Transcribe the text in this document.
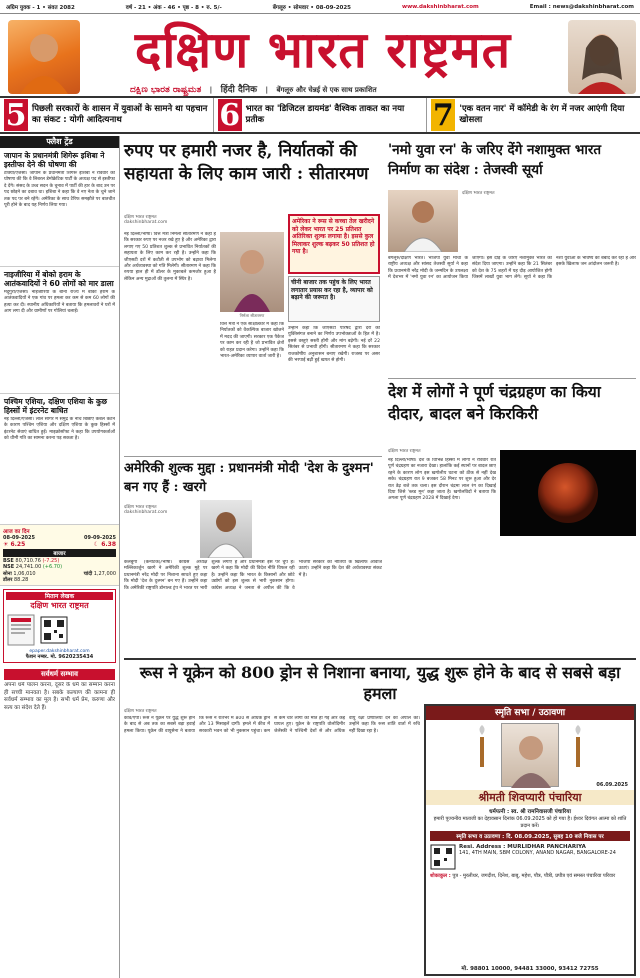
अग्रिम युवक - 1 • संवत 2082	वर्ष - 21 • अंक - 46 • पृष्ठ - 8 • रु. 5/-	बेंगलूरु • सोमवार • 08-09-2025	www.dakshinbharat.com	Email : news@dakshinbharat.com
दक्षिण भारत राष्ट्रमत
ದಕ್ಷಿಣ ಭಾರತ ರಾಷ್ಟ್ರಮತ | हिंदी दैनिक | बेंगलूरु और चेन्नई से एक साथ प्रकाशित
5 पिछली सरकारों के शासन में युवाओं के सामने था पहचान का संकट : योगी आदित्यनाथ	6 भारत का 'डिजिटल डायमंड' वैश्विक ताकत का नया प्रतीक	7 'एक वतन नार' में कॉमेडी के रंग में नजर आएंगी दिया खोसला
फ्लैश ट्रेंड
जापान के प्रधानमंत्री शिगेरू इशिबा ने इस्तीफा देने की घोषणा की
टोक्यो/एजेंसी। जापान के प्रधानमंत्री शिगेरू इशिबा ने रविवार को घोषणा की कि वे लिबरल डेमोक्रेटिक पार्टी के अध्यक्ष पद से इस्तीफा दे देंगे। संसद के उच्च सदन के चुनाव में पार्टी की हार के बाद उन पर पद छोड़ने का दबाव था। इशिबा ने कहा कि वे नए नेता के चुने जाने तक पद पर बने रहेंगे। अमेरिका के साथ टैरिफ समझौते पर बातचीत पूरी होने के बाद यह निर्णय लिया गया।
नाइजीरिया में बोको हराम के आतंकवादियों ने 60 लोगों को मार डाला
मैदुगुरी/एजेंसी। नाइजीरिया के बोर्नो राज्य में बोको हराम के आतंकवादियों ने एक गांव पर हमला कर कम से कम 60 लोगों की हत्या कर दी। स्थानीय अधिकारियों ने बताया कि हमलावरों ने घरों में आग लगा दी और ग्रामीणों पर गोलियां चलाईं।
पश्चिम एशिया, दक्षिण एशिया के कुछ हिस्सों में इंटरनेट बाधित
नई दिल्ली/एजेंसी। लाल सागर में समुद्र के नीचे बिछाए केबल कटने के कारण पश्चिम एशिया और दक्षिण एशिया के कुछ हिस्सों में इंटरनेट सेवाएं बाधित हुईं। माइक्रोसॉफ्ट ने कहा कि उपयोगकर्ताओं को धीमी गति का सामना करना पड़ सकता है।
आज का दिन
08-09-2025	09-09-2025
☀ 6.25	☾ 6.38
बाजार
BSE 80,710.76 (-7.25)
NSE 24,741.00 (+6.70)
सोना 1,06,010	चांदी 1,27,000
डॉलर 88.28
मितान लेखक
दक्षिण भारत राष्ट्रमत
epaper.dakshinbharat.com
फैशन नम्बर. मो. 9620235434
सर्वधर्म सम्भाव
अपना धर्म पालन करना, दूसरे के धर्म का सम्मान करना ही सच्ची मानवता है। सबके कल्याण की कामना ही सर्वधर्म सम्भाव का मूल है। सभी धर्म प्रेम, करुणा और सत्य का संदेश देते हैं।
रुपए पर हमारी नजर है, निर्यातकों की सहायता के लिए काम जारी : सीतारमण
दक्षिण भारत राष्ट्रमत
dakshinbharat.com
नई दिल्ली/भाषा। वित्त मंत्री निर्मला सीतारमण ने कहा है कि सरकार रुपए पर नजर रखे हुए है और अमेरिका द्वारा लगाए गए 50 प्रतिशत शुल्क से प्रभावित निर्यातकों की सहायता के लिए काम कर रही है। उन्होंने कहा कि जीएसटी दरों में कटौती से उपभोग को बढ़ावा मिलेगा और अर्थव्यवस्था को गति मिलेगी। सीतारमण ने कहा कि रुपया हाल ही में डॉलर के मुकाबले कमजोर हुआ है लेकिन अन्य मुद्राओं की तुलना में स्थिर है।
निर्मला सीतारमण
वित्त मंत्री ने एक साक्षात्कार में कहा कि निर्यातकों को वैकल्पिक बाजार खोजने में मदद की जाएगी। सरकार एक पैकेज पर काम कर रही है जो प्रभावित क्षेत्रों को राहत प्रदान करेगा। उन्होंने कहा कि भारत-अमेरिका व्यापार वार्ता जारी है।
अमेरिका ने रूस से कच्चा तेल खरीदने को लेकर भारत पर 25 प्रतिशत अतिरिक्त शुल्क लगाया है। इससे कुल मिलाकर शुल्क बढ़कर 50 प्रतिशत हो गया है।
चीनी बाजार तक पहुंच के लिए भारत लगातार प्रयास कर रहा है, व्यापार को बढ़ाने की जरूरत है।
उन्होंने कहा कि जीएसटी परिषद द्वारा दरों को युक्तिसंगत बनाने का निर्णय उपभोक्ताओं के हित में है। इससे वस्तुएं सस्ती होंगी और मांग बढ़ेगी। नई दरें 22 सितंबर से प्रभावी होंगी। सीतारमण ने कहा कि सरकार राजकोषीय अनुशासन बनाए रखेगी। राजस्व पर असर की भरपाई बढ़ी हुई खपत से होगी।
अमेरिकी शुल्क मुद्दा : प्रधानमंत्री मोदी 'देश के दुश्मन' बन गए हैं : खरगे
दक्षिण भारत राष्ट्रमत
dakshinbharat.com
कलबुर्गी (कर्नाटक)/भाषा। कांग्रेस अध्यक्ष मल्लिकार्जुन खरगे ने अमेरिकी शुल्क मुद्दे पर प्रधानमंत्री नरेंद्र मोदी पर निशाना साधते हुए कहा कि मोदी 'देश के दुश्मन' बन गए हैं। उन्होंने कहा कि अमेरिकी राष्ट्रपति डोनाल्ड ट्रंप ने भारत पर भारी शुल्क लगाए हैं और प्रधानमंत्री इस पर चुप हैं। खरगे ने कहा कि मोदी की विदेश नीति विफल रही है। उन्होंने कहा कि भारत के किसानों और छोटे उद्योगों को इस शुल्क से भारी नुकसान होगा। कांग्रेस अध्यक्ष ने जनता से अपील की कि वे भाजपा सरकार की नीतियों के खिलाफ आवाज उठाएं। उन्होंने कहा कि देश की अर्थव्यवस्था संकट में है।
'नमो युवा रन' के जरिए देंगे नशामुक्त भारत निर्माण का संदेश : तेजस्वी सूर्या
दक्षिण भारत राष्ट्रमत
बेंगलूरु/दक्षिण भारत। भाजपा युवा मोर्चा के राष्ट्रीय अध्यक्ष और सांसद तेजस्वी सूर्या ने कहा कि प्रधानमंत्री नरेंद्र मोदी के जन्मदिन के उपलक्ष्य में देशभर में 'नमो युवा रन' का आयोजन किया जाएगा। इस दौड़ के जरिए नशामुक्त भारत का संदेश दिया जाएगा। उन्होंने कहा कि 21 सितंबर को देश के 75 शहरों में यह दौड़ आयोजित होगी जिसमें लाखों युवा भाग लेंगे। सूर्या ने कहा कि नशा युवाओं के भविष्य को बर्बाद कर रहा है और इसके खिलाफ जन आंदोलन जरूरी है।
देश में लोगों ने पूर्ण चंद्रग्रहण का किया दीदार, बादल बने किरकिरी
दक्षिण भारत राष्ट्रमत
नई दिल्ली/भाषा। देश के विभिन्न हिस्सों में लोगों ने रविवार रात पूर्ण चंद्रग्रहण का नजारा देखा। हालांकि कई स्थानों पर बादल छाए रहने के कारण लोग इस खगोलीय घटना को ठीक से नहीं देख सके। चंद्रग्रहण रात 9 बजकर 58 मिनट पर शुरू हुआ और देर रात डेढ़ बजे तक चला। इस दौरान चंद्रमा लाल रंग का दिखाई दिया जिसे 'ब्लड मून' कहा जाता है। खगोलविदों ने बताया कि अगला पूर्ण चंद्रग्रहण 2028 में दिखाई देगा।
रूस ने यूक्रेन को 800 ड्रोन से निशाना बनाया, युद्ध शुरू होने के बाद से सबसे बड़ा हमला
दक्षिण भारत राष्ट्रमत
कीव/एपी। रूस ने यूक्रेन पर युद्ध शुरू होने के बाद से अब तक का सबसे बड़ा हवाई हमला किया। यूक्रेन की वायुसेना ने बताया कि रूस ने रातभर में 800 से अधिक ड्रोन और 13 मिसाइलें दागीं। हमले में कीव में सरकारी भवन को भी नुकसान पहुंचा। कम से कम चार लोगों की मौत हो गई और कई घायल हुए। यूक्रेन के राष्ट्रपति वोलोदिमीर जेलेंस्की ने पश्चिमी देशों से और अधिक वायु रक्षा प्रणालियां देने की अपील की। उन्होंने कहा कि रूस शांति वार्ता में रुचि नहीं दिखा रहा है।
स्मृति सभा / उठावणा
06.09.2025
श्रीमती शिवप्यारी पंचारिया
धर्मपत्नी : स्व. श्री रामनिवासजी पंचारिया
हमारी पूज्यनीय माताजी का देहावसान दिनांक 06.09.2025 को हो गया है। ईश्वर दिवंगत आत्मा को शांति प्रदान करें।
स्मृति सभा व उठावणा : दि. 08.09.2025, सुबह 10 बजे निवास पर
Resi. Address : MURLIDHAR PANCHARIYA
141, 4TH MAIN, SBM COLONY, ANAND NAGAR, BANGALORE-24
शोकाकुल : पुत्र - मुरलीधर, जगदीश, दिनेश, बाबू, महेश, पौत्र, पौत्री, प्रपौत्र एवं समस्त पंचारिया परिवार
मो. 98801 10000, 94481 33000, 93412 72755
